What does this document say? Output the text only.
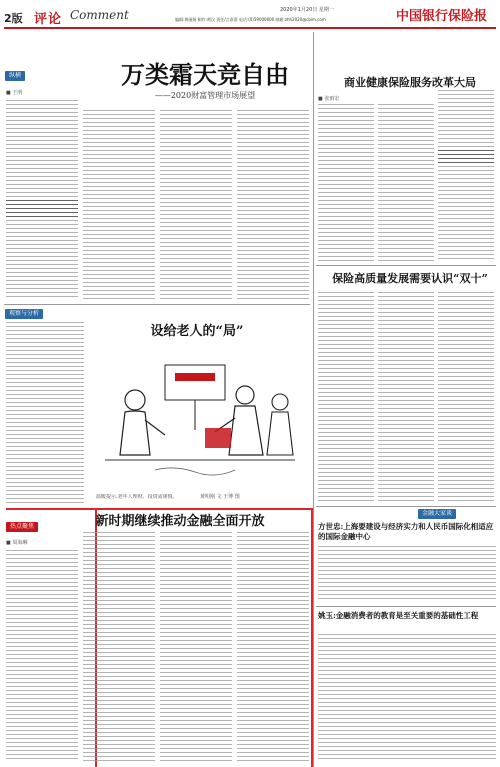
2版 评论 Comment	2020年1月20日 星期一
编辑:黄丽娟 制作:黄汉 责任/言嘉嘉 电话:(0)59000000 邮箱:zhh2020@cbim.com	中国银行保险报
纵横	万类霜天竞自由
——2020财富管理市场展望
■ 王明
观察与分析
设给老人的“局”
黄明刚 文 王博 图
温暖提示,老年人理财、投资需谨慎。
热点聚焦	新时期继续推动金融全面开放
■ 周海琳
商业健康保险服务改革大局
■ 张雨宏
保险高质量发展需要认识“双十”
金融大家谈
方世忠:上海要建设与经济实力和人民币国际化相适应的国际金融中心
姚玉:金融消费者的教育是至关重要的基础性工程
